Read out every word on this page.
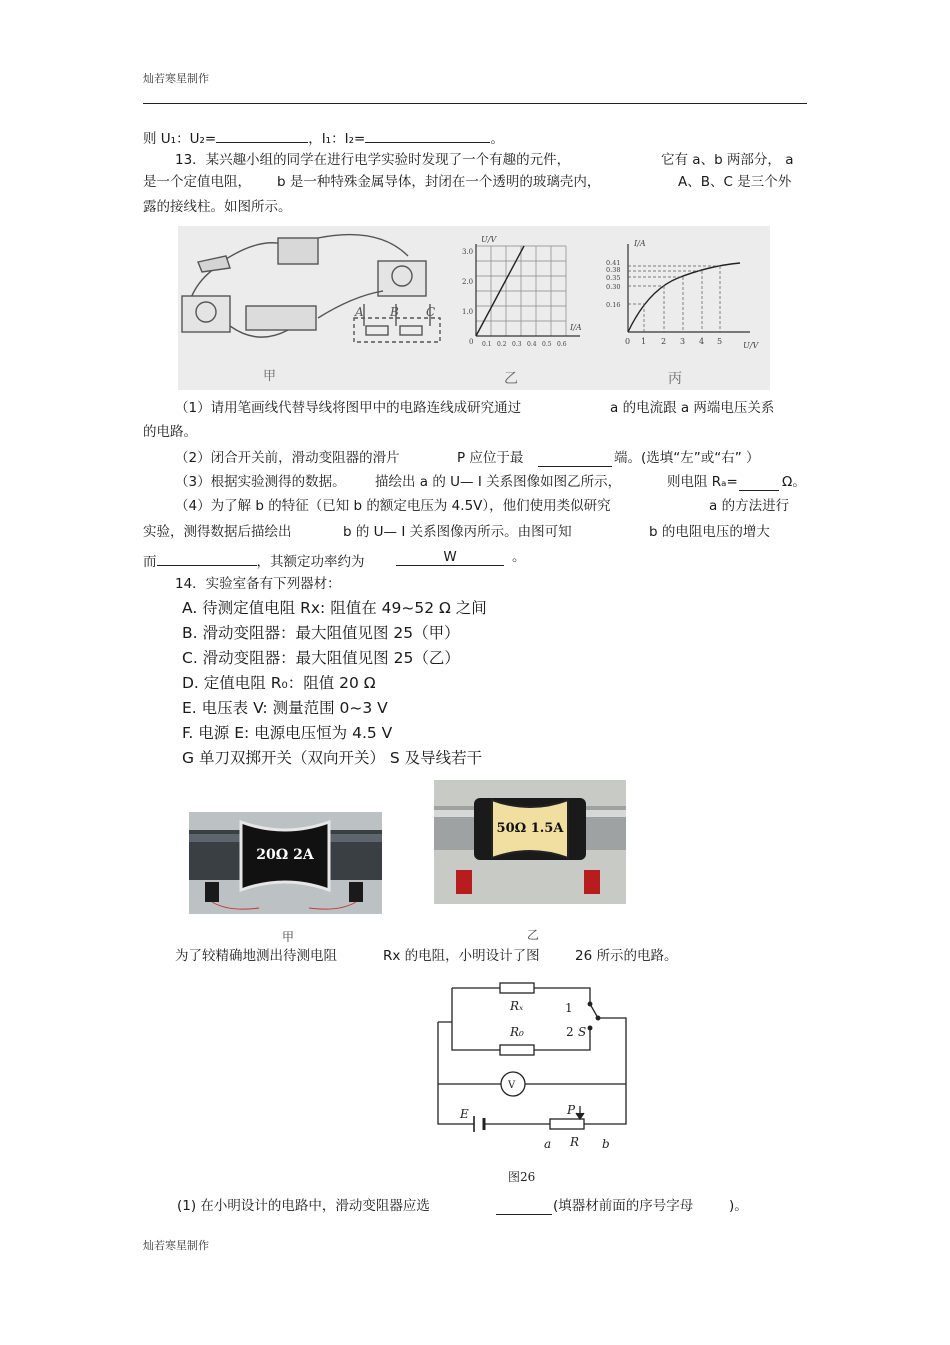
灿若寒星制作
则 U₁：U₂=	，I₁：I₂=	。
13．某兴趣小组的同学在进行电学实验时发现了一个有趣的元件，	它有 a、b 两部分， a
是一个定值电阻， b 是一种特殊金属导体，封闭在一个透明的玻璃壳内，	A、B、C 是三个外
露的接线柱。如图所示。
A B C
甲
U/V
I/A
3.0
2.0
1.0
0 0.1 0.2 0.3 0.4 0.5 0.6
乙
I/A
U/V
0.41
0.38
0.35
0.30
0.16
0 1 2 3 4 5
丙
（1）请用笔画线代替导线将图甲中的电路连线成研究通过	a 的电流跟 a 两端电压关系
的电路。
（2）闭合开关前，滑动变阻器的滑片	P 应位于最	端。(选填“左”或“右” ）
（3）根据实验测得的数据。 描绘出 a 的 U— I 关系图像如图乙所示，	则电阻 Rₐ=	Ω。
（4）为了解 b 的特征（已知 b 的额定电压为 4.5V），他们使用类似研究	a 的方法进行
实验，测得数据后描绘出	b 的 U— I 关系图像丙所示。由图可知	b 的电阻电压的增大
而	，其额定功率约为	W	。
14．实验室备有下列器材：
A. 待测定值电阻 Rx: 阻值在 49~52 Ω 之间
B. 滑动变阻器：最大阻值见图 25（甲）
C. 滑动变阻器：最大阻值见图 25（乙）
D. 定值电阻 R₀：阻值 20 Ω
E. 电压表 V: 测量范围 0~3 V
F. 电源 E: 电源电压恒为 4.5 V
G 单刀双掷开关（双向开关） S 及导线若干
20Ω 2A
甲
50Ω 1.5A
乙
为了较精确地测出待测电阻	Rx 的电阻，小明设计了图	26 所示的电路。
Rₓ
R₀
1
2 S
V
E	P
a R b
图26
(1) 在小明设计的电路中，滑动变阻器应选	(填器材前面的序号字母	)。
灿若寒星制作
